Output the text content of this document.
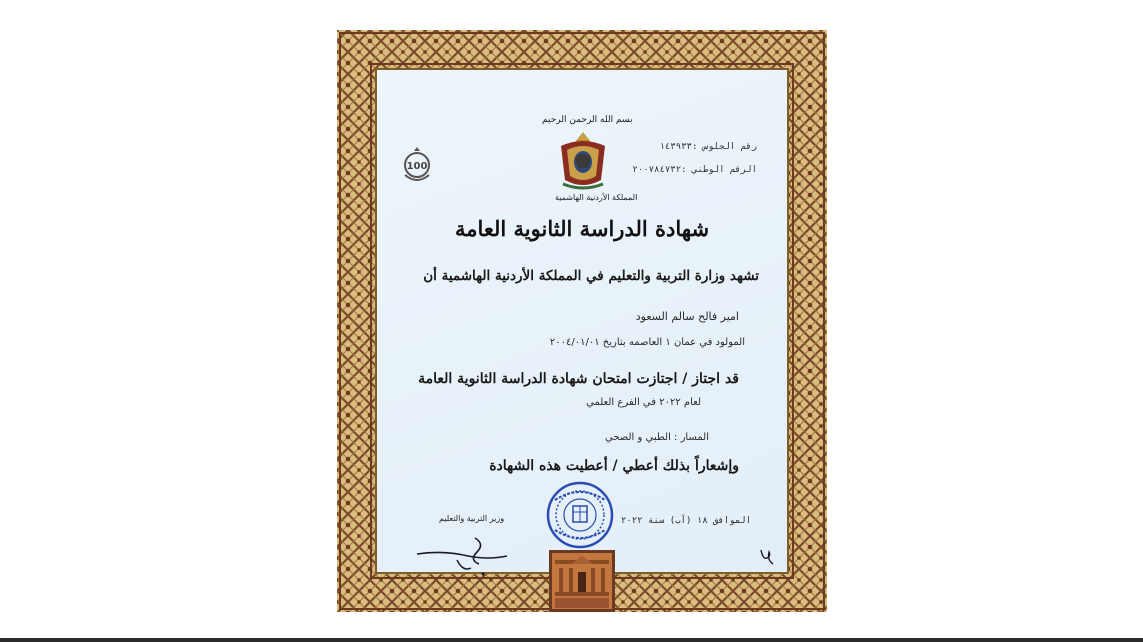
بسم الله الرحمن الرحيم
المملكة الأردنية الهاشمية
رقم الجلوس :١٤٣٩٣٣
الرقم الوطني :٢٠٠٧٨٤٧٣٢
100
شهادة الدراسة الثانوية العامة
تشهد وزارة التربية والتعليم في المملكة الأردنية الهاشمية أن
امير فالح سالم السعود
المولود في عمان ١ العاصمه بتاريخ ٢٠٠٤/٠١/٠١
قد اجتاز / اجتازت امتحان شهادة الدراسة الثانوية العامة
لعام ٢٠٢٢ في الفرع العلمي
المسار : الطبي و الصحي
وإشعاراً بذلك أعطي / أعطيت هذه الشهادة
الموافق ١٨ (آب) سنة ٢٠٢٢
وزير التربية والتعليم
